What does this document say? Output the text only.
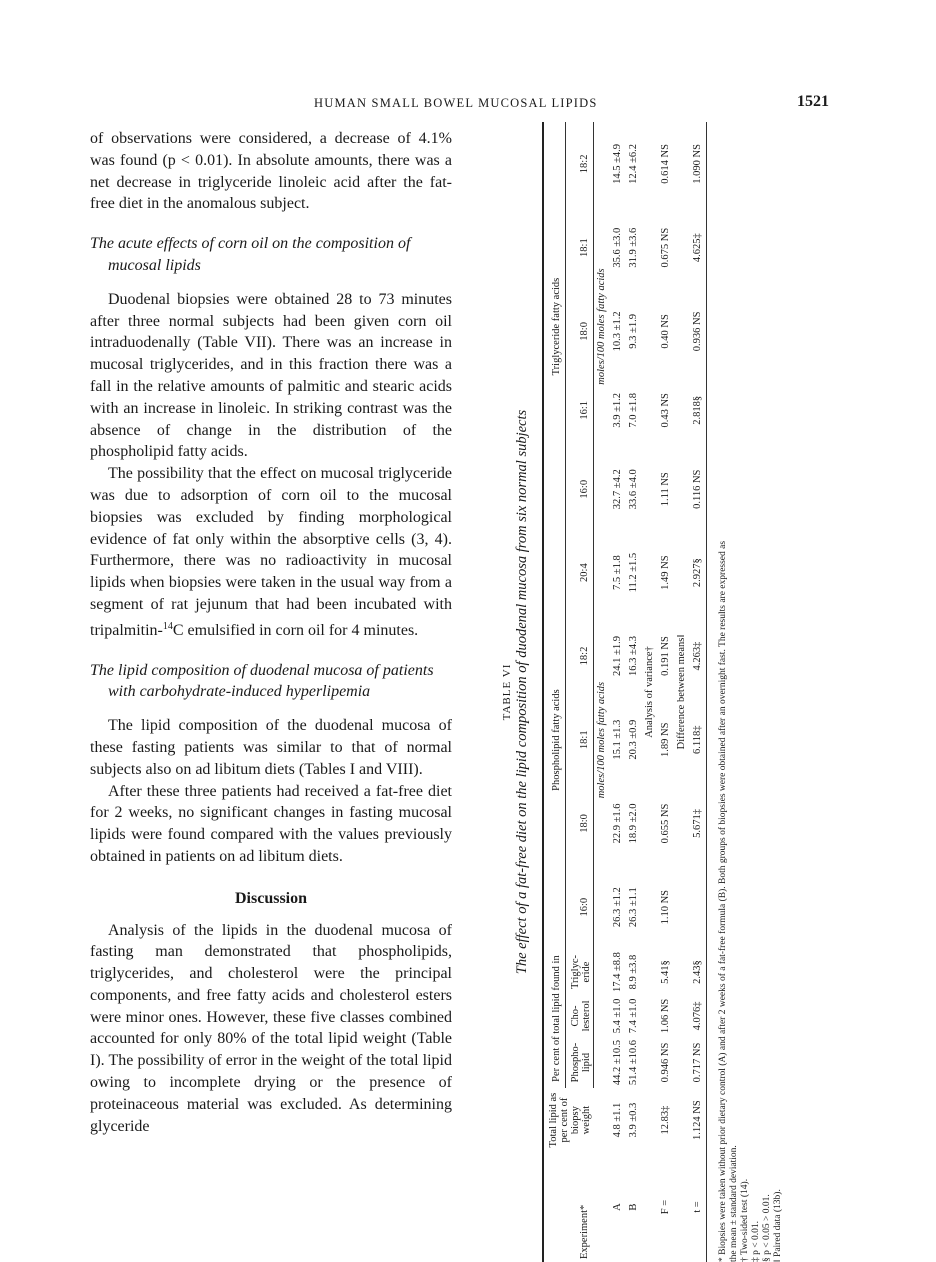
HUMAN SMALL BOWEL MUCOSAL LIPIDS	1521

of observations were considered, a decrease of 4.1% was found (p < 0.01). In absolute amounts, there was a net decrease in triglyceride linoleic acid after the fat-free diet in the anomalous subject.

The acute effects of corn oil on the composition of mucosal lipids

Duodenal biopsies were obtained 28 to 73 minutes after three normal subjects had been given corn oil intraduodenally (Table VII). There was an increase in mucosal triglycerides, and in this fraction there was a fall in the relative amounts of palmitic and stearic acids with an increase in linoleic. In striking contrast was the absence of change in the distribution of the phospholipid fatty acids.

The possibility that the effect on mucosal triglyceride was due to adsorption of corn oil to the mucosal biopsies was excluded by finding morphological evidence of fat only within the absorptive cells (3, 4). Furthermore, there was no radioactivity in mucosal lipids when biopsies were taken in the usual way from a segment of rat jejunum that had been incubated with tripalmitin-$^{14}$C emulsified in corn oil for 4 minutes.

The lipid composition of duodenal mucosa of patients with carbohydrate-induced hyperlipemia

The lipid composition of the duodenal mucosa of these fasting patients was similar to that of normal subjects also on ad libitum diets (Tables I and VIII).

After these three patients had received a fat-free diet for 2 weeks, no significant changes in fasting mucosal lipids were found compared with the values previously obtained in patients on ad libitum diets.

Discussion

Analysis of the lipids in the duodenal mucosa of fasting man demonstrated that phospholipids, triglycerides, and cholesterol were the principal components, and free fatty acids and cholesterol esters were minor ones. However, these five classes combined accounted for only 80% of the total lipid weight (Table I). The possibility of error in the weight of the total lipid owing to incomplete drying or the presence of proteinaceous material was excluded. As determining glyceride

TABLE VI The effect of a fat-free diet on the lipid composition of duodenal mucosa from six normal subjects
Experiment*	Total lipid as per cent of biopsy weight	Per cent of total lipid found in			Phospholipid fatty acids					Triglyceride fatty acids				
		Phospho- lipid	Cho- lesterol	Triglyc- eride	16:0	18:0	18:1	18:2	20:4	16:0	16:1	18:0	18:1	18:2
					moles/100 moles fatty acids					moles/100 moles fatty acids				
A	4.8 ±1.1	44.2 ±10.5	5.4 ±1.0	17.4 ±8.8	26.3 ±1.2	22.9 ±1.6	15.1 ±1.3	24.1 ±1.9	7.5 ±1.8	32.7 ±4.2	3.9 ±1.2	10.3 ±1.2	35.6 ±3.0	14.5 ±4.9
B	3.9 ±0.3	51.4 ±10.6	7.4 ±1.0	8.9 ±3.8	26.3 ±1.1	18.9 ±2.0	20.3 ±0.9	16.3 ±4.3	11.2 ±1.5	33.6 ±4.0	7.0 ±1.8	9.3 ±1.9	31.9 ±3.6	12.4 ±6.2
Analysis of variance†														
F =	12.83‡	0.946 NS	1.06 NS	5.41§	1.10 NS	0.655 NS	1.89 NS	0.191 NS	1.49 NS	1.11 NS	0.43 NS	0.40 NS	0.675 NS	0.614 NS
Difference between means‖														
t =	1.124 NS	0.717 NS	4.076‡	2.43§		5.671‡	6.118‡	4.263‡	2.927§	0.116 NS	2.818§	0.936 NS	4.625‡	1.090 NS
* Biopsies were taken without prior dietary control (A) and after 2 weeks of a fat-free formula (B). Both groups of biopsies were obtained after an overnight fast. The results are expressed as the mean ± standard deviation. † Two-sided test (14). ‡ p < 0.01. § p < 0.05 > 0.01. ‖ Paired data (13b).
